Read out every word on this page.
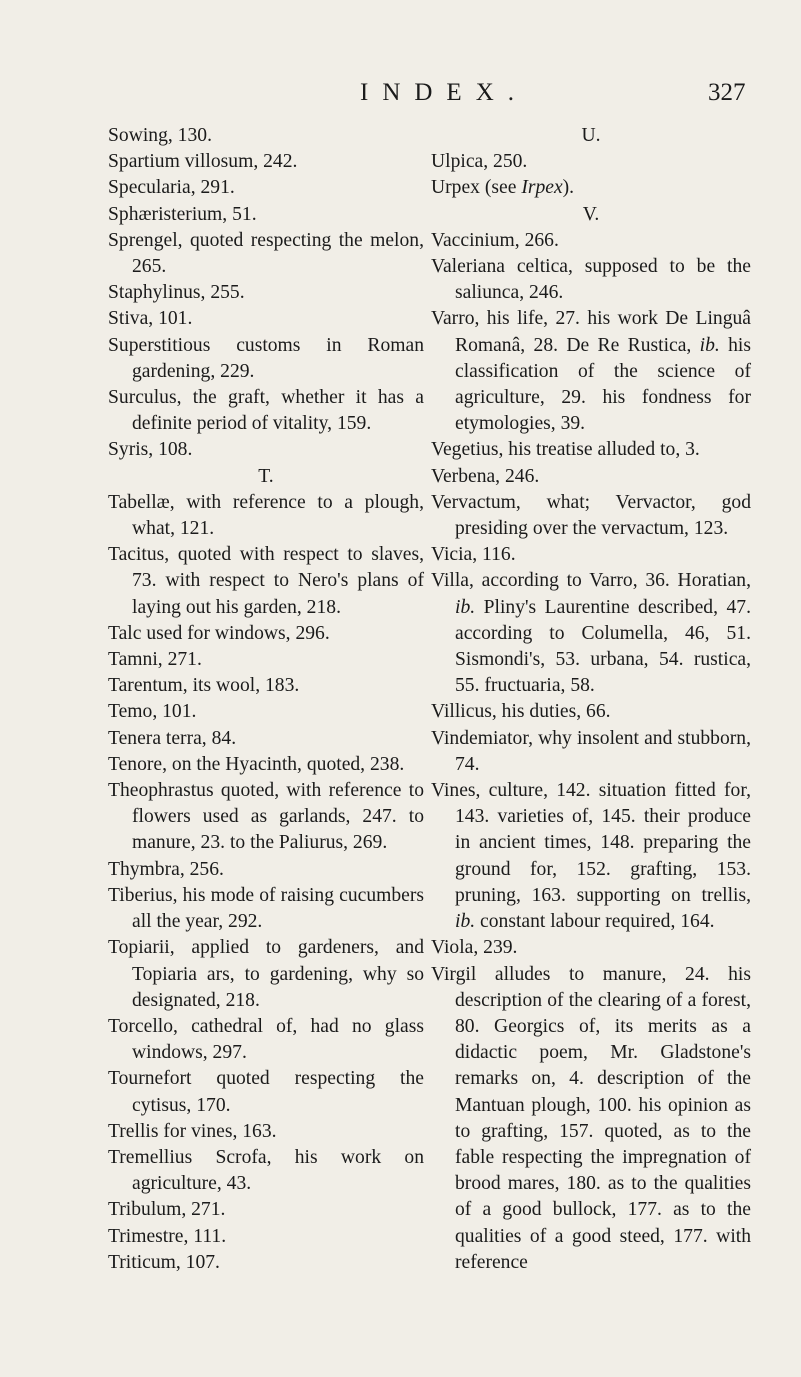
INDEX.	327

Sowing, 130.

Spartium villosum, 242.

Specularia, 291.

Sphæristerium, 51.

Sprengel, quoted respecting the melon, 265.

Staphylinus, 255.

Stiva, 101.

Superstitious customs in Roman gardening, 229.

Surculus, the graft, whether it has a definite period of vitality, 159.

Syris, 108.

T.

Tabellæ, with reference to a plough, what, 121.

Tacitus, quoted with respect to slaves, 73. with respect to Nero's plans of laying out his garden, 218.

Talc used for windows, 296.

Tamni, 271.

Tarentum, its wool, 183.

Temo, 101.

Tenera terra, 84.

Tenore, on the Hyacinth, quoted, 238.

Theophrastus quoted, with reference to flowers used as garlands, 247. to manure, 23. to the Paliurus, 269.

Thymbra, 256.

Tiberius, his mode of raising cucumbers all the year, 292.

Topiarii, applied to gardeners, and Topiaria ars, to gardening, why so designated, 218.

Torcello, cathedral of, had no glass windows, 297.

Tournefort quoted respecting the cytisus, 170.

Trellis for vines, 163.

Tremellius Scrofa, his work on agriculture, 43.

Tribulum, 271.

Trimestre, 111.

Triticum, 107.

U.

Ulpica, 250.

Urpex (see Irpex).

V.

Vaccinium, 266.

Valeriana celtica, supposed to be the saliunca, 246.

Varro, his life, 27. his work De Linguâ Romanâ, 28. De Re Rustica, ib. his classification of the science of agriculture, 29. his fondness for etymologies, 39.

Vegetius, his treatise alluded to, 3.

Verbena, 246.

Vervactum, what; Vervactor, god presiding over the vervactum, 123.

Vicia, 116.

Villa, according to Varro, 36. Horatian, ib. Pliny's Laurentine described, 47. according to Columella, 46, 51. Sismondi's, 53. urbana, 54. rustica, 55. fructuaria, 58.

Villicus, his duties, 66.

Vindemiator, why insolent and stubborn, 74.

Vines, culture, 142. situation fitted for, 143. varieties of, 145. their produce in ancient times, 148. preparing the ground for, 152. grafting, 153. pruning, 163. supporting on trellis, ib. constant labour required, 164.

Viola, 239.

Virgil alludes to manure, 24. his description of the clearing of a forest, 80. Georgics of, its merits as a didactic poem, Mr. Gladstone's remarks on, 4. description of the Mantuan plough, 100. his opinion as to grafting, 157. quoted, as to the fable respecting the impregnation of brood mares, 180. as to the qualities of a good bullock, 177. as to the qualities of a good steed, 177. with reference
